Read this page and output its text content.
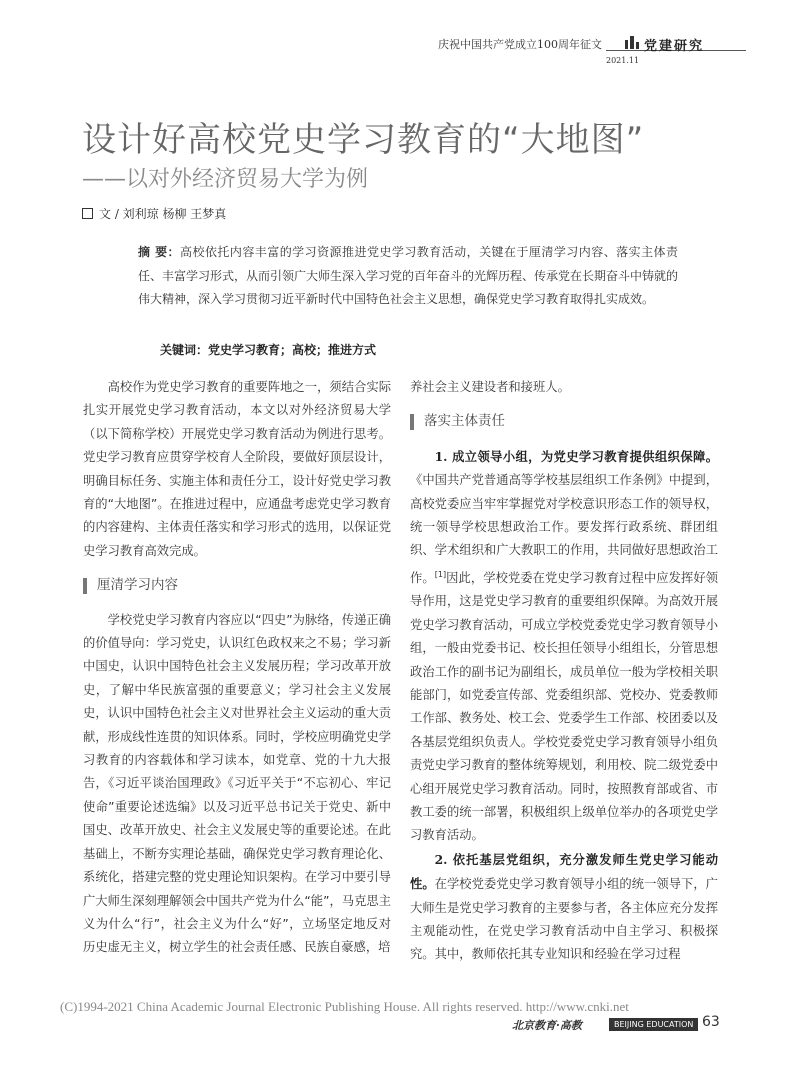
庆祝中国共产党成立100周年征文
2021.11
党建研究
设计好高校党史学习教育的“大地图”
——以对外经济贸易大学为例
文 / 刘利琼 杨柳 王梦真
摘 要：高校依托内容丰富的学习资源推进党史学习教育活动，关键在于厘清学习内容、落实主体责任、丰富学习形式，从而引领广大师生深入学习党的百年奋斗的光辉历程、传承党在长期奋斗中铸就的伟大精神，深入学习贯彻习近平新时代中国特色社会主义思想，确保党史学习教育取得扎实成效。
关键词：党史学习教育；高校；推进方式

高校作为党史学习教育的重要阵地之一，须结合实际扎实开展党史学习教育活动，本文以对外经济贸易大学（以下简称学校）开展党史学习教育活动为例进行思考。党史学习教育应贯穿学校育人全阶段，要做好顶层设计，明确目标任务、实施主体和责任分工，设计好党史学习教育的“大地图”。在推进过程中，应通盘考虑党史学习教育的内容建构、主体责任落实和学习形式的选用，以保证党史学习教育高效完成。

厘清学习内容

学校党史学习教育内容应以“四史”为脉络，传递正确的价值导向：学习党史，认识红色政权来之不易；学习新中国史，认识中国特色社会主义发展历程；学习改革开放史，了解中华民族富强的重要意义；学习社会主义发展史，认识中国特色社会主义对世界社会主义运动的重大贡献，形成线性连贯的知识体系。同时，学校应明确党史学习教育的内容载体和学习读本，如党章、党的十九大报告，《习近平谈治国理政》《习近平关于“不忘初心、牢记使命”重要论述选编》以及习近平总书记关于党史、新中国史、改革开放史、社会主义发展史等的重要论述。在此基础上，不断夯实理论基础，确保党史学习教育理论化、系统化，搭建完整的党史理论知识架构。在学习中要引导广大师生深刻理解领会中国共产党为什么“能”，马克思主义为什么“行”，社会主义为什么“好”，立场坚定地反对历史虚无主义，树立学生的社会责任感、民族自豪感，培

养社会主义建设者和接班人。

落实主体责任

1. 成立领导小组，为党史学习教育提供组织保障。《中国共产党普通高等学校基层组织工作条例》中提到，高校党委应当牢牢掌握党对学校意识形态工作的领导权，统一领导学校思想政治工作。要发挥行政系统、群团组织、学术组织和广大教职工的作用，共同做好思想政治工作。[1]因此，学校党委在党史学习教育过程中应发挥好领导作用，这是党史学习教育的重要组织保障。为高效开展党史学习教育活动，可成立学校党委党史学习教育领导小组，一般由党委书记、校长担任领导小组组长，分管思想政治工作的副书记为副组长，成员单位一般为学校相关职能部门，如党委宣传部、党委组织部、党校办、党委教师工作部、教务处、校工会、党委学生工作部、校团委以及各基层党组织负责人。学校党委党史学习教育领导小组负责党史学习教育的整体统筹规划，利用校、院二级党委中心组开展党史学习教育活动。同时，按照教育部或省、市教工委的统一部署，积极组织上级单位举办的各项党史学习教育活动。

2. 依托基层党组织，充分激发师生党史学习能动性。在学校党委党史学习教育领导小组的统一领导下，广大师生是党史学习教育的主要参与者，各主体应充分发挥主观能动性，在党史学习教育活动中自主学习、积极探究。其中，教师依托其专业知识和经验在学习过程

(C)1994-2021 China Academic Journal Electronic Publishing House. All rights reserved. http://www.cnki.net
北京教育·高教	BEIJING EDUCATION 63
